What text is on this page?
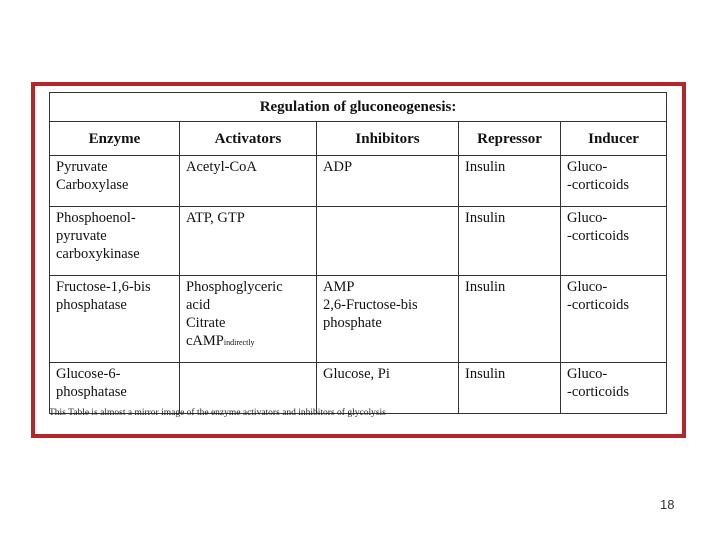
Regulation of gluconeogenesis:				
Enzyme	Activators	Inhibitors	Repressor	Inducer

Pyruvate
Carboxylase	Acetyl-CoA	ADP	Insulin	Gluco-
-corticoids

Phosphoenol-
pyruvate
carboxykinase	ATP, GTP		Insulin	Gluco-
-corticoids

Fructose-1,6-bis
phosphatase	Phosphoglyceric
acid
Citrate
cAMPindirectly	AMP
2,6-Fructose-bis
phosphate	Insulin	Gluco-
-corticoids

Glucose-6-
phosphatase		Glucose, Pi	Insulin	Gluco-
-corticoids
This Table is almost a mirror image of the enzyme activators and inhibitors of glycolysis
18
